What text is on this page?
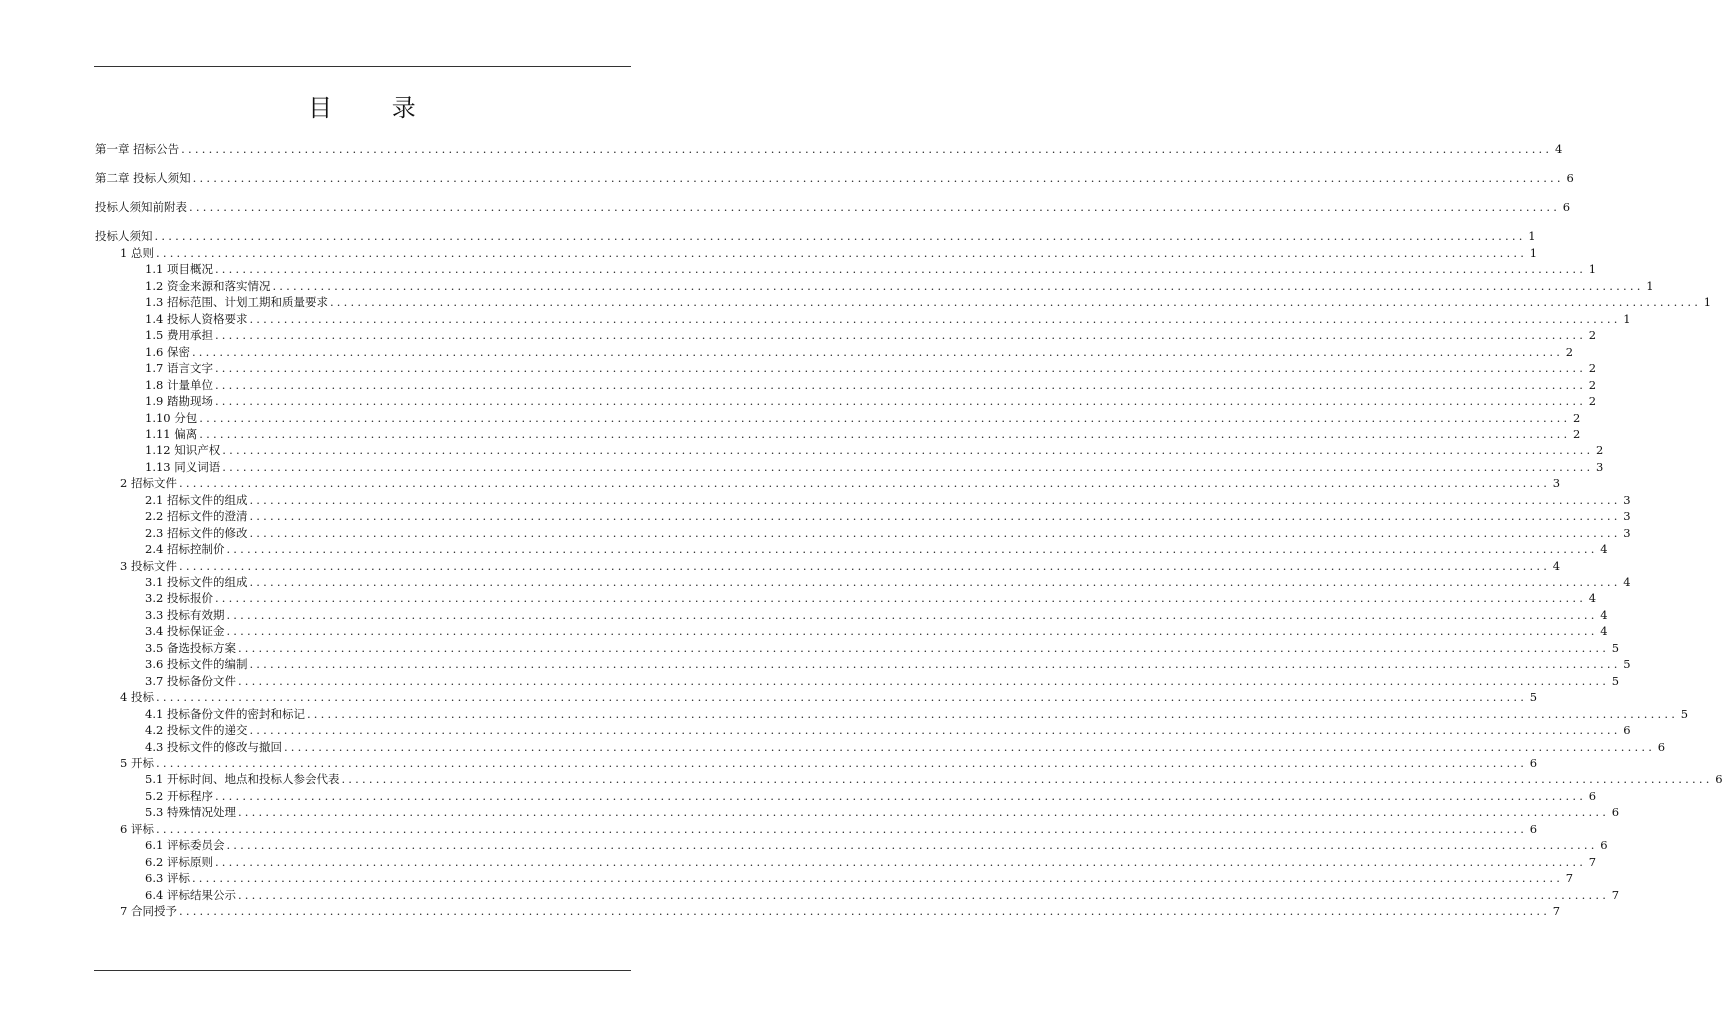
目 录
第一章 招标公告 ........................................................................................................................................................................................................ 4
第二章 投标人须知 ........................................................................................................................................................................................................ 6
投标人须知前附表 ........................................................................................................................................................................................................ 6
投标人须知 ........................................................................................................................................................................................................ 1
1 总则 ........................................................................................................................................................................................................ 1
1.1 项目概况 ........................................................................................................................................................................................................ 1
1.2 资金来源和落实情况 ........................................................................................................................................................................................................ 1
1.3 招标范围、计划工期和质量要求 ........................................................................................................................................................................................................ 1
1.4 投标人资格要求 ........................................................................................................................................................................................................ 1
1.5 费用承担 ........................................................................................................................................................................................................ 2
1.6 保密 ........................................................................................................................................................................................................ 2
1.7 语言文字 ........................................................................................................................................................................................................ 2
1.8 计量单位 ........................................................................................................................................................................................................ 2
1.9 踏勘现场 ........................................................................................................................................................................................................ 2
1.10 分包 ........................................................................................................................................................................................................ 2
1.11 偏离 ........................................................................................................................................................................................................ 2
1.12 知识产权 ........................................................................................................................................................................................................ 2
1.13 同义词语 ........................................................................................................................................................................................................ 3
2 招标文件 ........................................................................................................................................................................................................ 3
2.1 招标文件的组成 ........................................................................................................................................................................................................ 3
2.2 招标文件的澄清 ........................................................................................................................................................................................................ 3
2.3 招标文件的修改 ........................................................................................................................................................................................................ 3
2.4 招标控制价 ........................................................................................................................................................................................................ 4
3 投标文件 ........................................................................................................................................................................................................ 4
3.1 投标文件的组成 ........................................................................................................................................................................................................ 4
3.2 投标报价 ........................................................................................................................................................................................................ 4
3.3 投标有效期 ........................................................................................................................................................................................................ 4
3.4 投标保证金 ........................................................................................................................................................................................................ 4
3.5 备选投标方案 ........................................................................................................................................................................................................ 5
3.6 投标文件的编制 ........................................................................................................................................................................................................ 5
3.7 投标备份文件 ........................................................................................................................................................................................................ 5
4 投标 ........................................................................................................................................................................................................ 5
4.1 投标备份文件的密封和标记 ........................................................................................................................................................................................................ 5
4.2 投标文件的递交 ........................................................................................................................................................................................................ 6
4.3 投标文件的修改与撤回 ........................................................................................................................................................................................................ 6
5 开标 ........................................................................................................................................................................................................ 6
5.1 开标时间、地点和投标人参会代表 ........................................................................................................................................................................................................ 6
5.2 开标程序 ........................................................................................................................................................................................................ 6
5.3 特殊情况处理 ........................................................................................................................................................................................................ 6
6 评标 ........................................................................................................................................................................................................ 6
6.1 评标委员会 ........................................................................................................................................................................................................ 6
6.2 评标原则 ........................................................................................................................................................................................................ 7
6.3 评标 ........................................................................................................................................................................................................ 7
6.4 评标结果公示 ........................................................................................................................................................................................................ 7
7 合同授予 ........................................................................................................................................................................................................ 7
